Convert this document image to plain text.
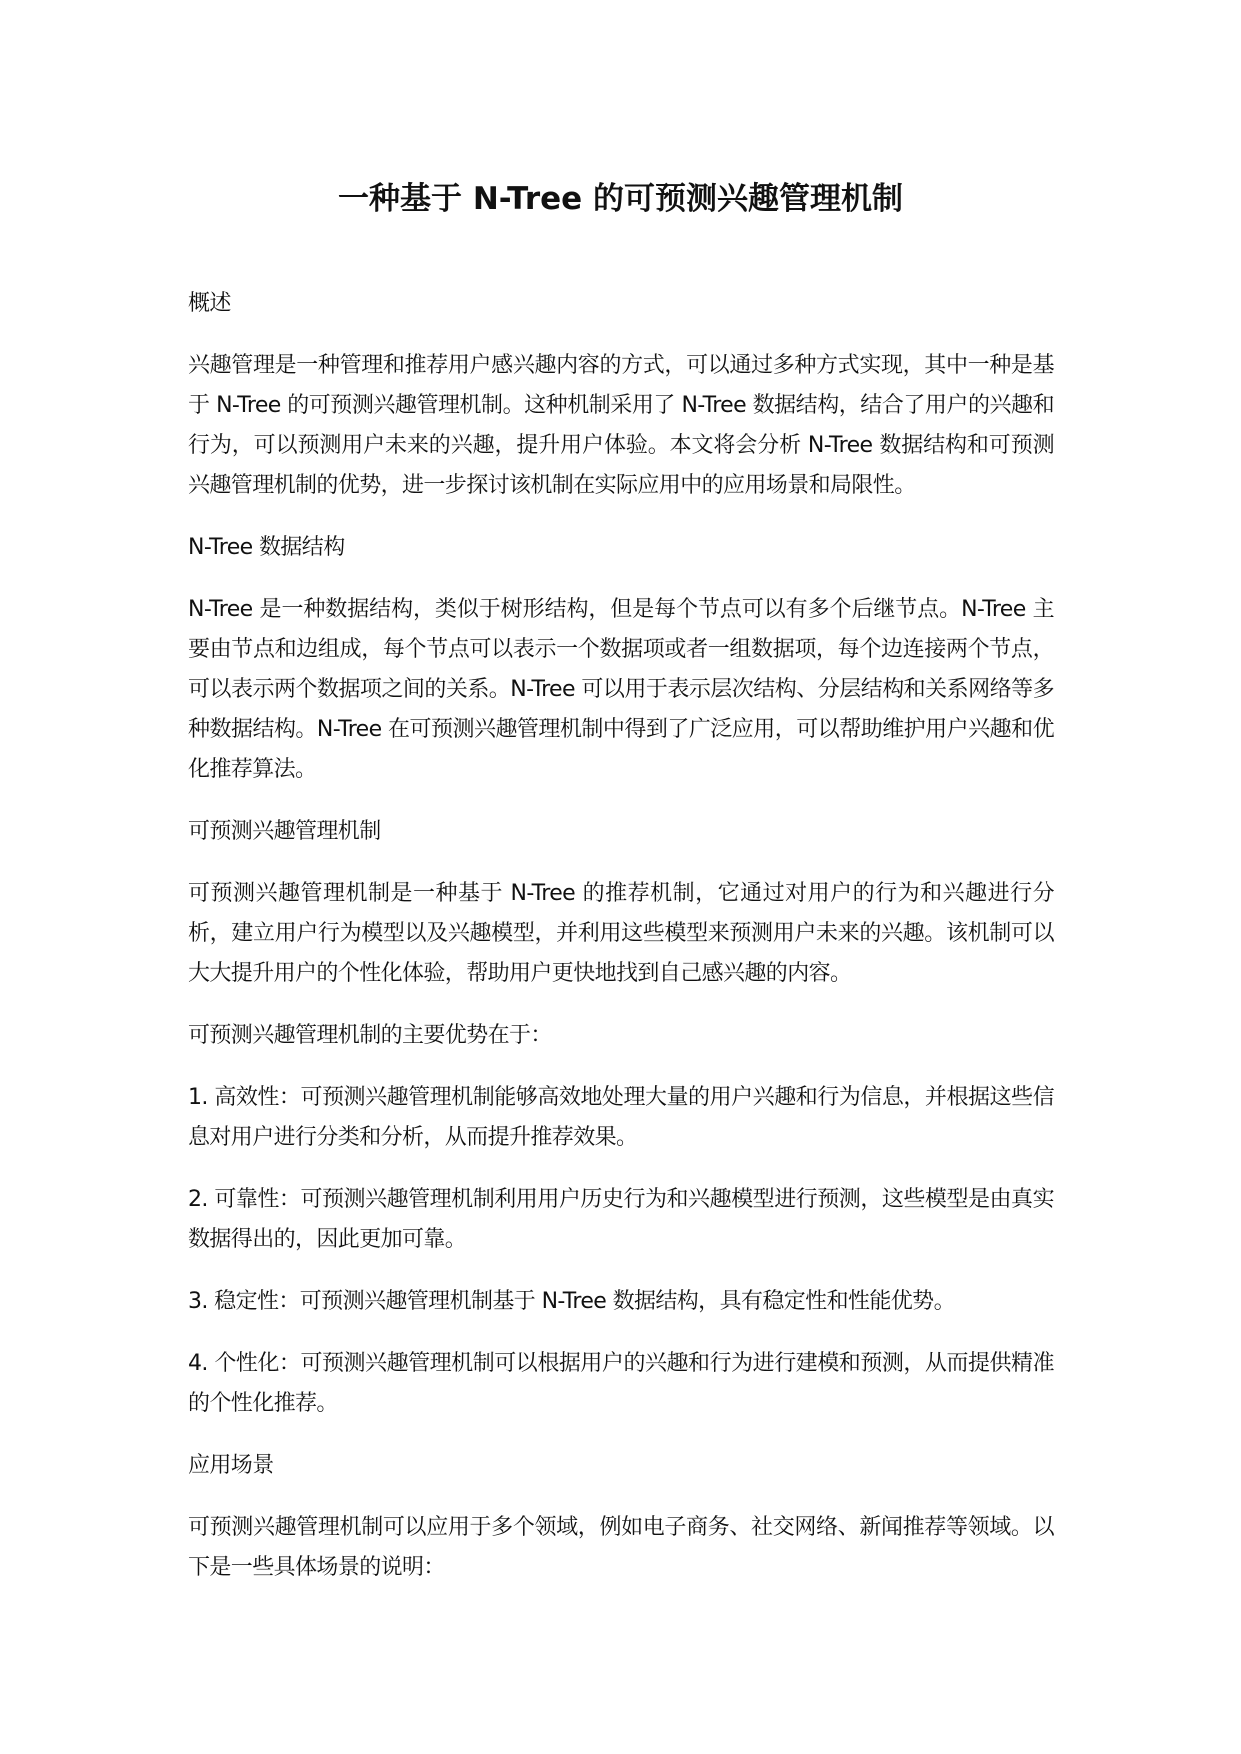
一种基于 N-Tree 的可预测兴趣管理机制

概述

兴趣管理是一种管理和推荐用户感兴趣内容的方式，可以通过多种方式实现，其中一种是基于 N-Tree 的可预测兴趣管理机制。这种机制采用了 N-Tree 数据结构，结合了用户的兴趣和行为，可以预测用户未来的兴趣，提升用户体验。本文将会分析 N-Tree 数据结构和可预测兴趣管理机制的优势，进一步探讨该机制在实际应用中的应用场景和局限性。

N-Tree 数据结构

N-Tree 是一种数据结构，类似于树形结构，但是每个节点可以有多个后继节点。N-Tree 主要由节点和边组成，每个节点可以表示一个数据项或者一组数据项，每个边连接两个节点，可以表示两个数据项之间的关系。N-Tree 可以用于表示层次结构、分层结构和关系网络等多种数据结构。N-Tree 在可预测兴趣管理机制中得到了广泛应用，可以帮助维护用户兴趣和优化推荐算法。

可预测兴趣管理机制

可预测兴趣管理机制是一种基于 N-Tree 的推荐机制，它通过对用户的行为和兴趣进行分析，建立用户行为模型以及兴趣模型，并利用这些模型来预测用户未来的兴趣。该机制可以大大提升用户的个性化体验，帮助用户更快地找到自己感兴趣的内容。

可预测兴趣管理机制的主要优势在于：

1. 高效性：可预测兴趣管理机制能够高效地处理大量的用户兴趣和行为信息，并根据这些信息对用户进行分类和分析，从而提升推荐效果。

2. 可靠性：可预测兴趣管理机制利用用户历史行为和兴趣模型进行预测，这些模型是由真实数据得出的，因此更加可靠。

3. 稳定性：可预测兴趣管理机制基于 N-Tree 数据结构，具有稳定性和性能优势。

4. 个性化：可预测兴趣管理机制可以根据用户的兴趣和行为进行建模和预测，从而提供精准的个性化推荐。

应用场景

可预测兴趣管理机制可以应用于多个领域，例如电子商务、社交网络、新闻推荐等领域。以下是一些具体场景的说明：
